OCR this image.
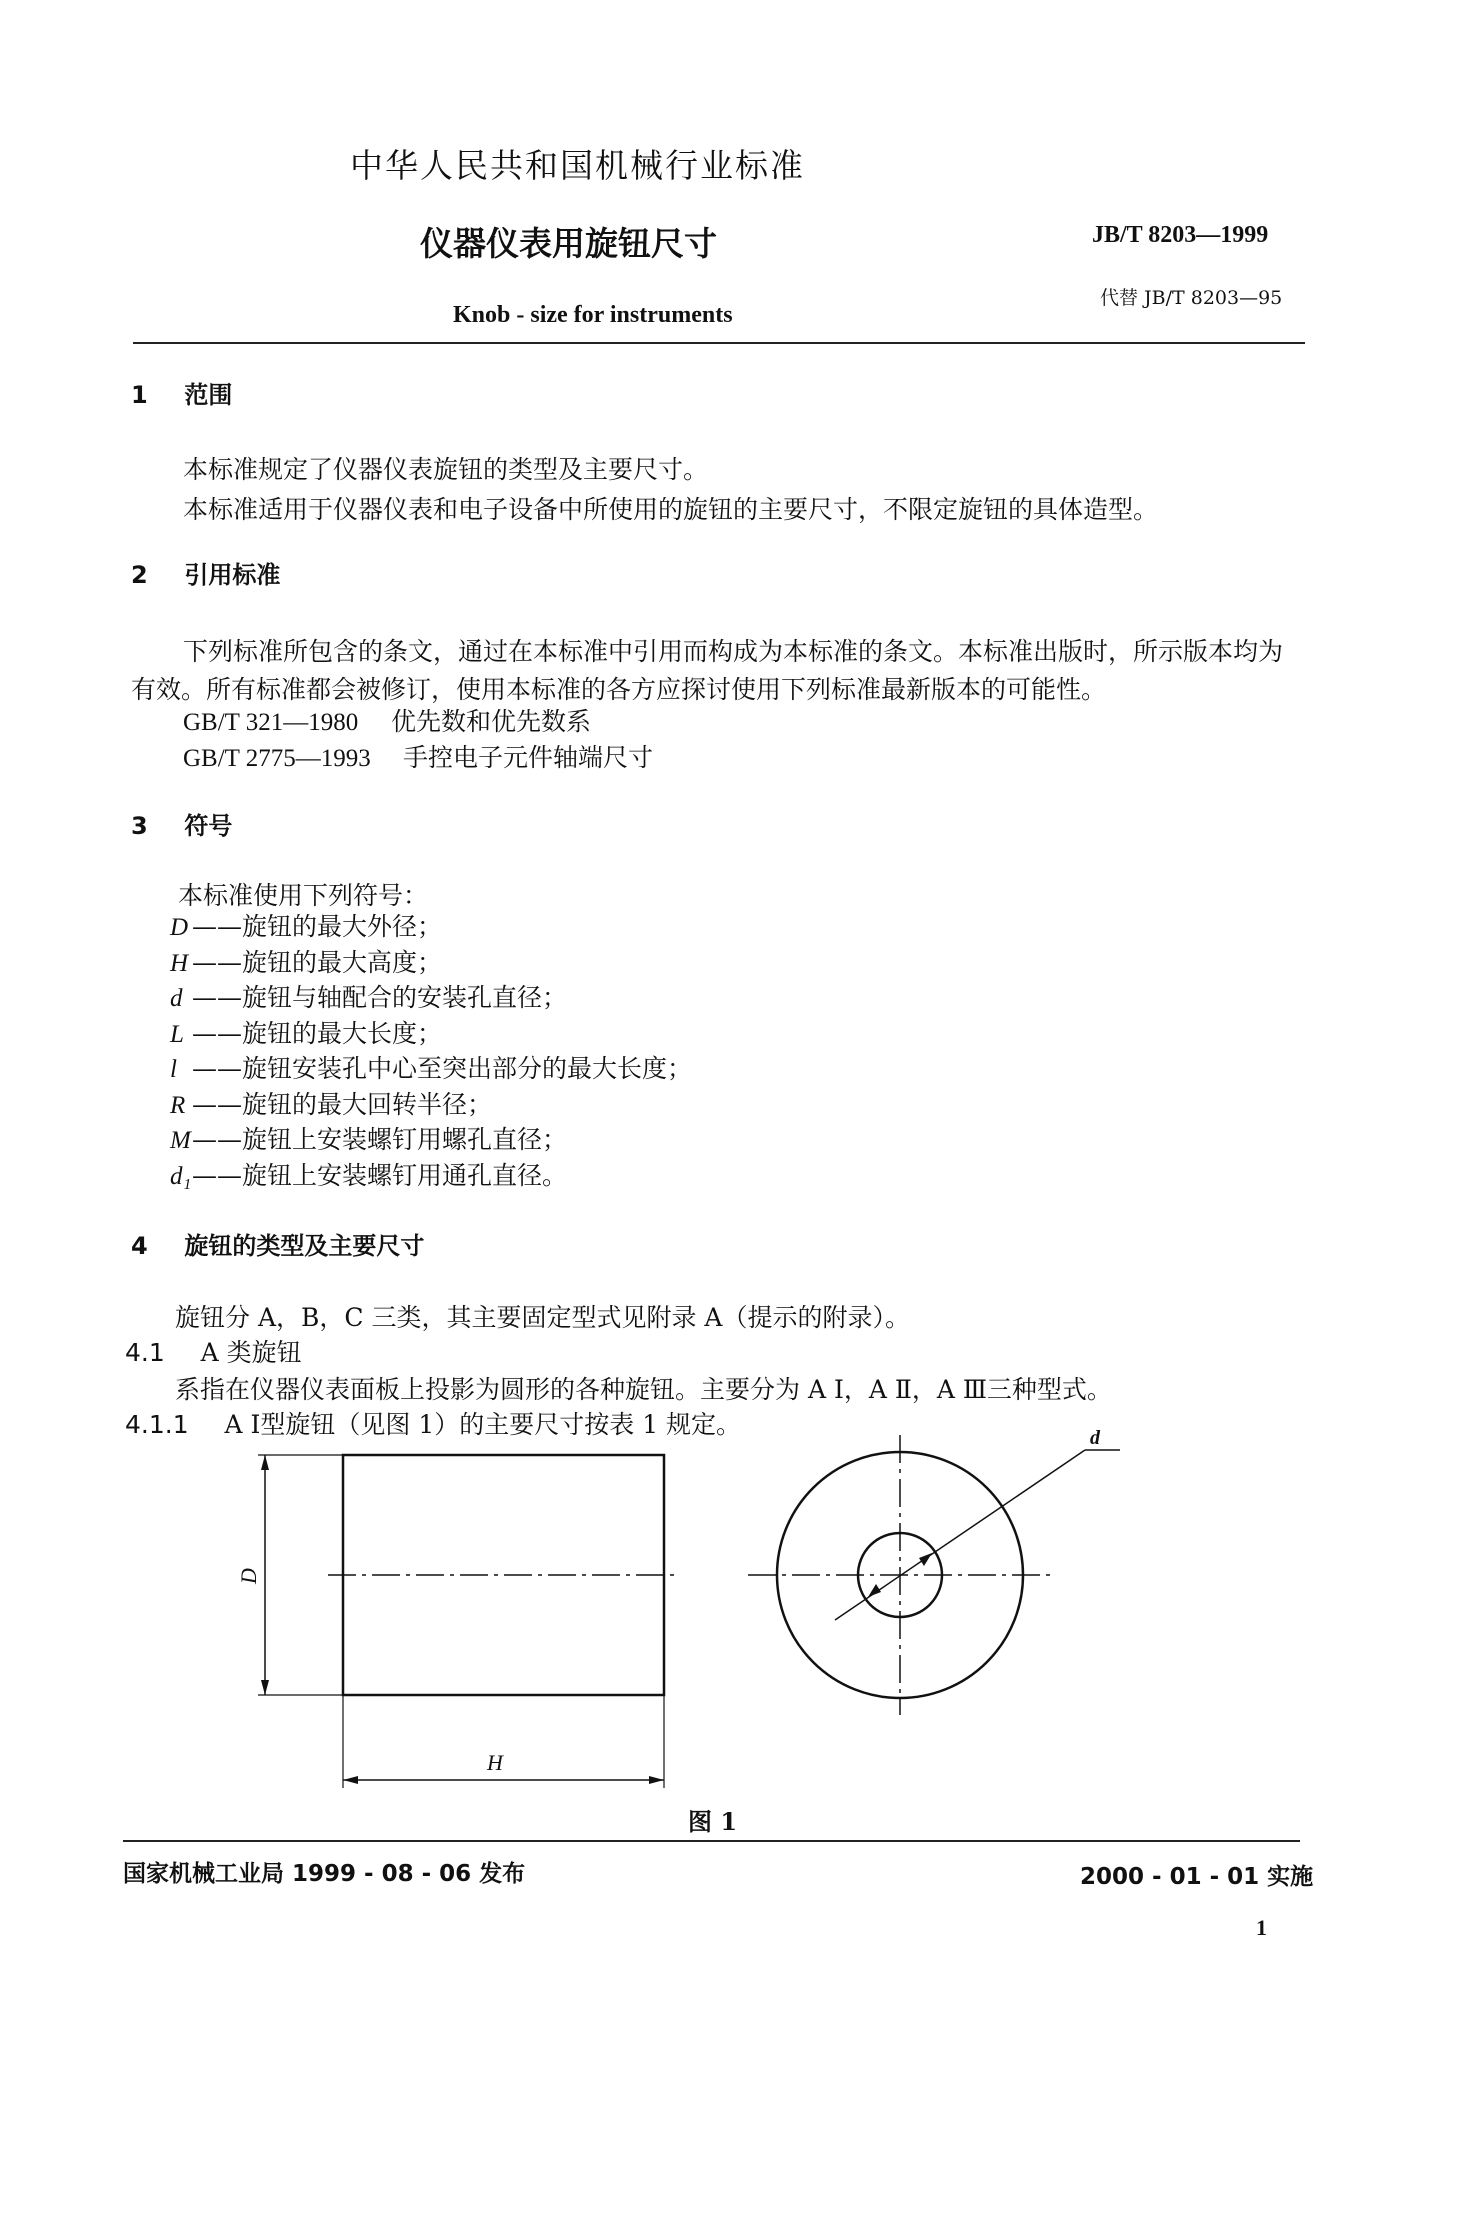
中华人民共和国机械行业标准
仪器仪表用旋钮尺寸	JB/T 8203—1999
代替 JB/T 8203—95
Knob - size for instruments
1 范围
本标准规定了仪器仪表旋钮的类型及主要尺寸。
本标准适用于仪器仪表和电子设备中所使用的旋钮的主要尺寸，不限定旋钮的具体造型。
2 引用标准
下列标准所包含的条文，通过在本标准中引用而构成为本标准的条文。本标准出版时，所示版本均为
有效。所有标准都会被修订，使用本标准的各方应探讨使用下列标准最新版本的可能性。
GB/T 321—1980 优先数和优先数系
GB/T 2775—1993 手控电子元件轴端尺寸
3 符号
本标准使用下列符号：
D ——旋钮的最大外径；
H ——旋钮的最大高度；
d ——旋钮与轴配合的安装孔直径；
L ——旋钮的最大长度；
l ——旋钮安装孔中心至突出部分的最大长度；
R ——旋钮的最大回转半径；
M——旋钮上安装螺钉用螺孔直径；
d₁——旋钮上安装螺钉用通孔直径。
4 旋钮的类型及主要尺寸
旋钮分 A，B，C 三类，其主要固定型式见附录 A（提示的附录）。
4.1 A 类旋钮
系指在仪器仪表面板上投影为圆形的各种旋钮。主要分为 A Ⅰ，A Ⅱ，A Ⅲ三种型式。
4.1.1 A Ⅰ型旋钮（见图 1）的主要尺寸按表 1 规定。
D
H
d
图 1
国家机械工业局 1999 - 08 - 06 发布	2000 - 01 - 01 实施
1
